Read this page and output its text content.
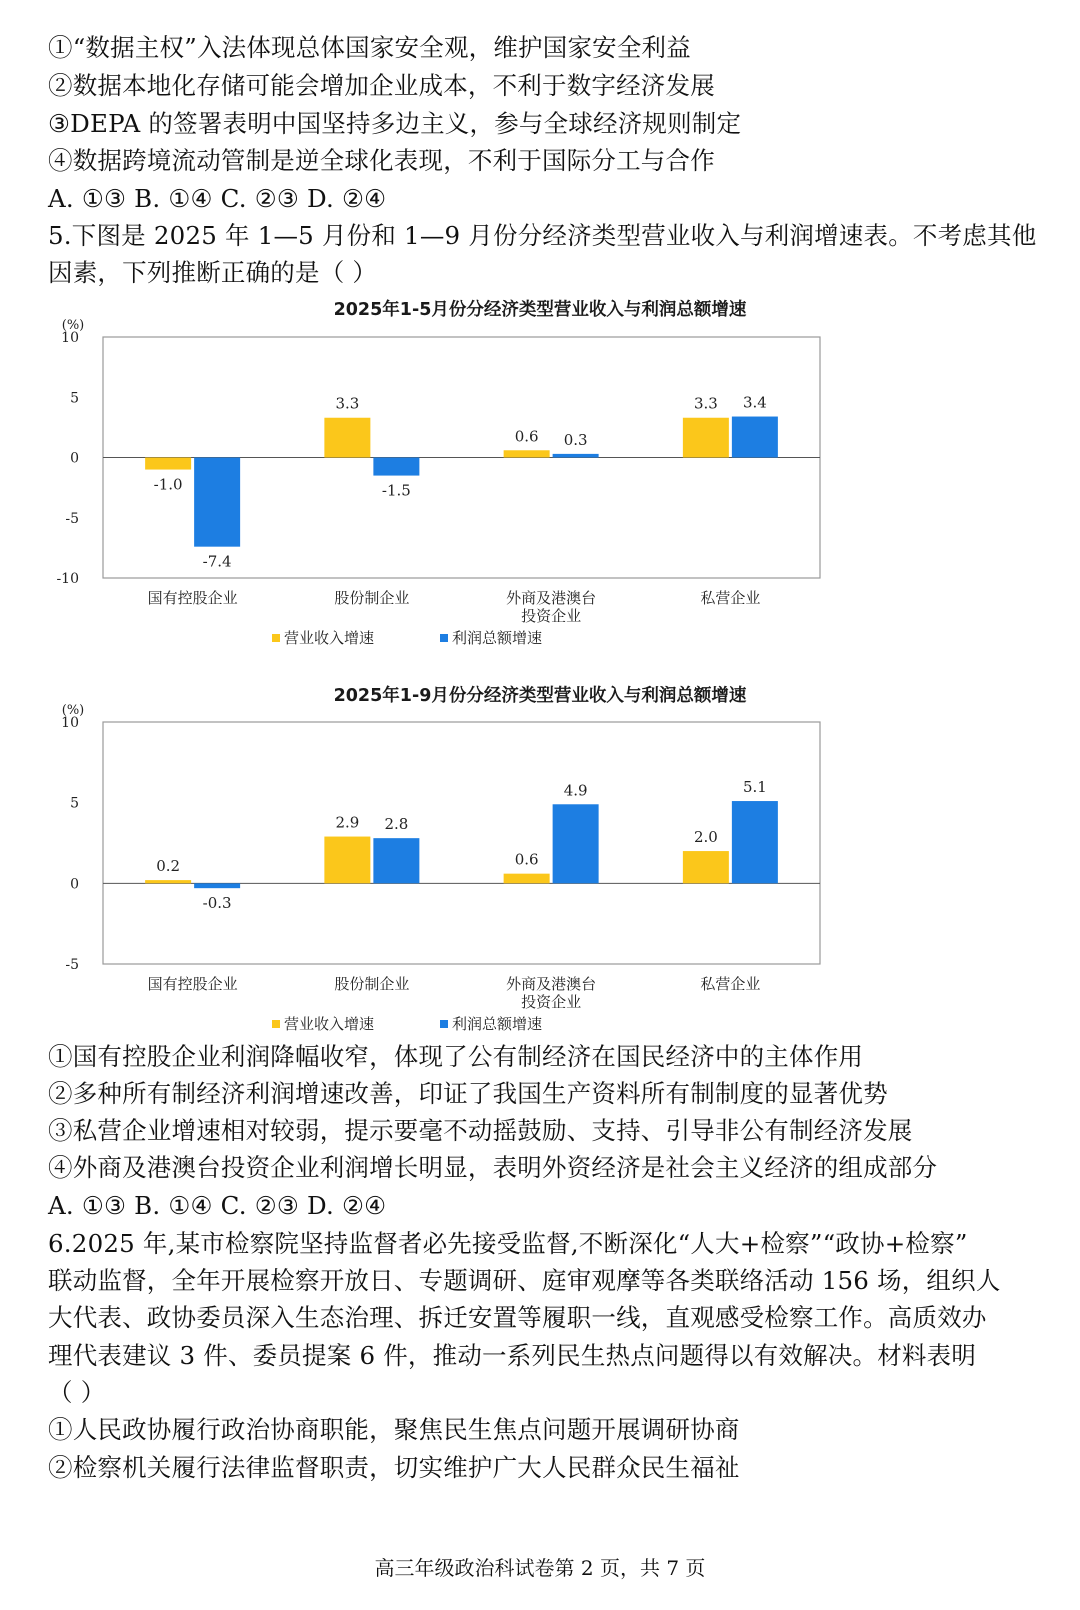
①“数据主权”入法体现总体国家安全观，维护国家安全利益
②数据本地化存储可能会增加企业成本，不利于数字经济发展
③DEPA 的签署表明中国坚持多边主义，参与全球经济规则制定
④数据跨境流动管制是逆全球化表现，不利于国际分工与合作
A. ①③ B. ①④ C. ②③ D. ②④
5.下图是 2025 年 1—5 月份和 1—9 月份分经济类型营业收入与利润增速表。不考虑其他
因素，下列推断正确的是（ ）
2025年1-5月份分经济类型营业收入与利润总额增速
(%)
10
5
0
-5
-10
-1.0
-7.4
国有控股企业
3.3
-1.5
股份制企业
0.6 0.3
外商及港澳台
投资企业
3.3 3.4
私营企业
营业收入增速	利润总额增速
2025年1-9月份分经济类型营业收入与利润总额增速
(%)
10
5
0
-5
0.2
-0.3
国有控股企业
2.9 2.8
股份制企业
0.6
4.9
外商及港澳台
投资企业
2.0
5.1
私营企业
营业收入增速	利润总额增速
①国有控股企业利润降幅收窄，体现了公有制经济在国民经济中的主体作用
②多种所有制经济利润增速改善，印证了我国生产资料所有制制度的显著优势
③私营企业增速相对较弱，提示要毫不动摇鼓励、支持、引导非公有制经济发展
④外商及港澳台投资企业利润增长明显，表明外资经济是社会主义经济的组成部分
A. ①③ B. ①④ C. ②③ D. ②④
6.2025 年,某市检察院坚持监督者必先接受监督,不断深化“人大+检察”“政协+检察”
联动监督，全年开展检察开放日、专题调研、庭审观摩等各类联络活动 156 场，组织人
大代表、政协委员深入生态治理、拆迁安置等履职一线，直观感受检察工作。高质效办
理代表建议 3 件、委员提案 6 件，推动一系列民生热点问题得以有效解决。材料表明
（ ）
①人民政协履行政治协商职能，聚焦民生焦点问题开展调研协商
②检察机关履行法律监督职责，切实维护广大人民群众民生福祉
高三年级政治科试卷第 2 页，共 7 页
